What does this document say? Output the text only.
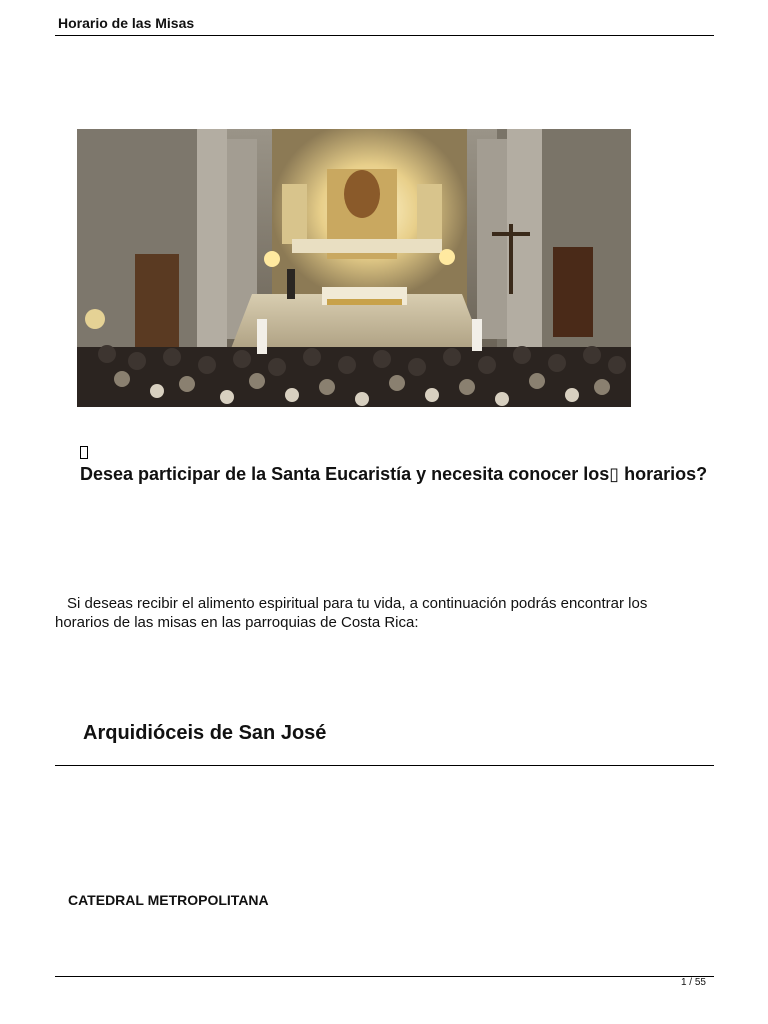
Horario de las Misas
Desea participar de la Santa Eucaristía y necesita conocer los▯ horarios?
Si deseas recibir el alimento espiritual para tu vida, a continuación podrás encontrar los
horarios de las misas en las parroquias de Costa Rica:
Arquidióceis de San José
CATEDRAL METROPOLITANA
1 / 55
